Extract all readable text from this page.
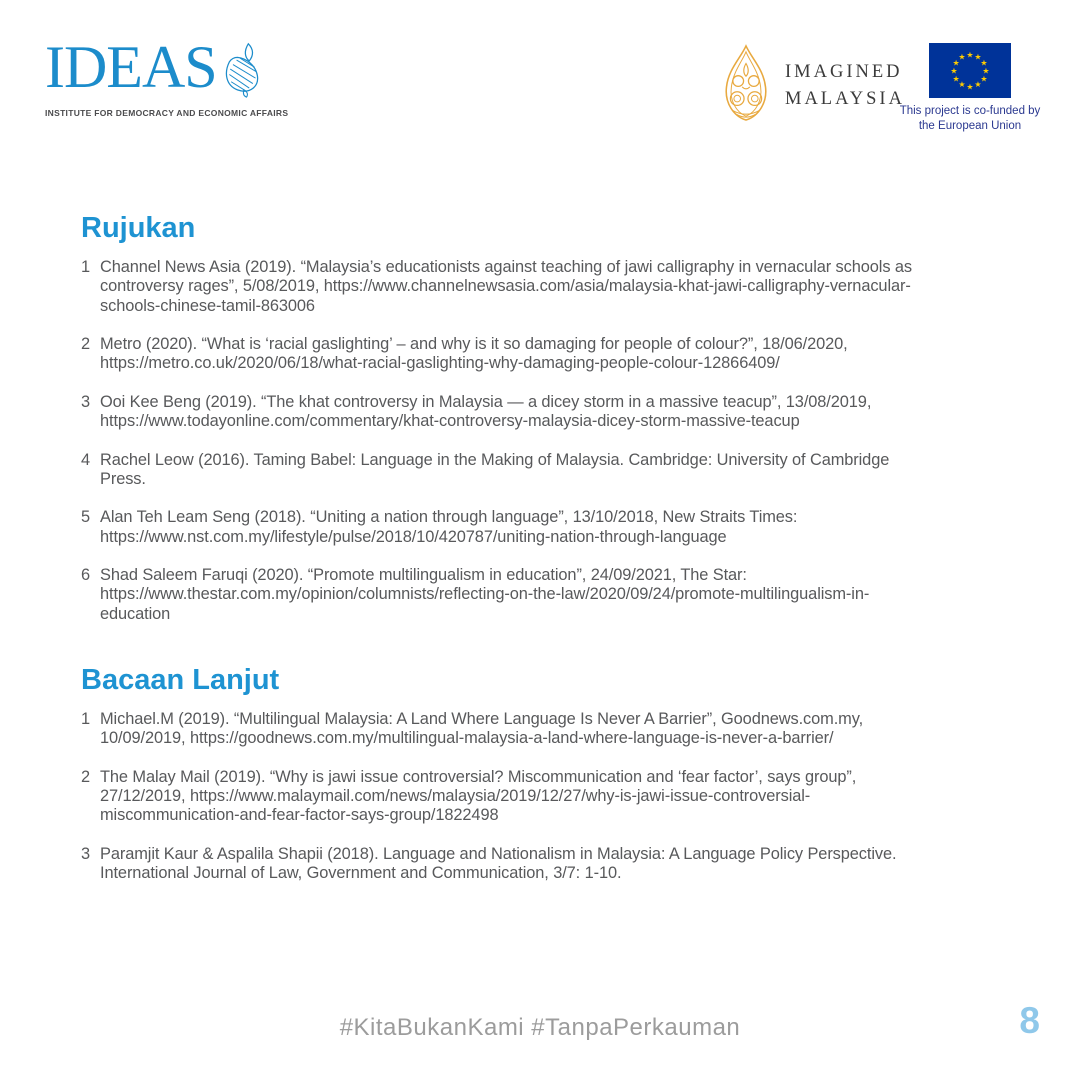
IDEAS
INSTITUTE FOR DEMOCRACY AND ECONOMIC AFFAIRS
IMAGINED
MALAYSIA
★ ★
★
★
★
★
★
★
★
★
★
★
This project is co-funded by
the European Union
Rujukan
1 Channel News Asia (2019). “Malaysia’s educationists against teaching of jawi calligraphy in vernacular schools as controversy rages”, 5/08/2019, https://www.channelnewsasia.com/asia/malaysia-khat-jawi-calligraphy-vernacular-schools-chinese-tamil-863006
2 Metro (2020). “What is ‘racial gaslighting’ – and why is it so damaging for people of colour?”, 18/06/2020, https://metro.co.uk/2020/06/18/what-racial-gaslighting-why-damaging-people-colour-12866409/
3 Ooi Kee Beng (2019). “The khat controversy in Malaysia — a dicey storm in a massive teacup”, 13/08/2019, https://www.todayonline.com/commentary/khat-controversy-malaysia-dicey-storm-massive-teacup
4 Rachel Leow (2016). Taming Babel: Language in the Making of Malaysia. Cambridge: University of Cambridge Press.
5 Alan Teh Leam Seng (2018). “Uniting a nation through language”, 13/10/2018, New Straits Times: https://www.nst.com.my/lifestyle/pulse/2018/10/420787/uniting-nation-through-language
6 Shad Saleem Faruqi (2020). “Promote multilingualism in education”, 24/09/2021, The Star: https://www.thestar.com.my/opinion/columnists/reflecting-on-the-law/2020/09/24/promote-multilingualism-in-education
Bacaan Lanjut
1 Michael.M (2019). “Multilingual Malaysia: A Land Where Language Is Never A Barrier”, Goodnews.com.my, 10/09/2019, https://goodnews.com.my/multilingual-malaysia-a-land-where-language-is-never-a-barrier/
2 The Malay Mail (2019). “Why is jawi issue controversial? Miscommunication and ‘fear factor’, says group”, 27/12/2019, https://www.malaymail.com/news/malaysia/2019/12/27/why-is-jawi-issue-controversial-miscommunication-and-fear-factor-says-group/1822498
3 Paramjit Kaur & Aspalila Shapii (2018). Language and Nationalism in Malaysia: A Language Policy Perspective. International Journal of Law, Government and Communication, 3/7: 1-10.
#KitaBukanKami #TanpaPerkauman	8
